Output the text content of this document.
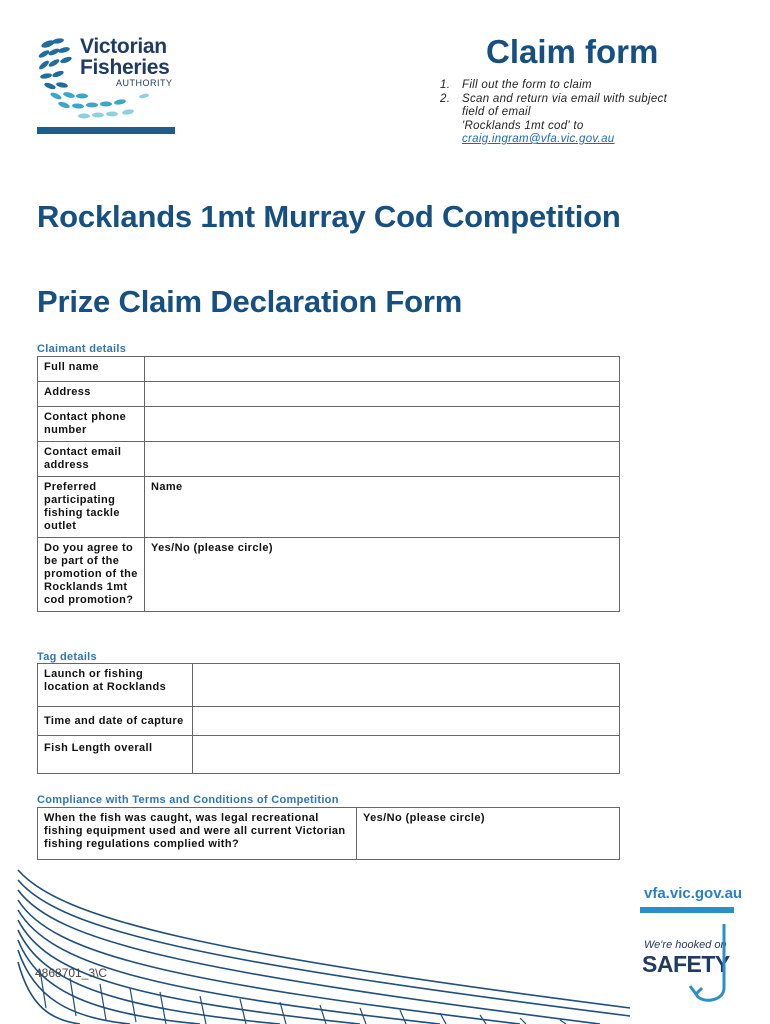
Victorian
Fisheries
AUTHORITY
Claim form
1. Fill out the form to claim
2. Scan and return via email with subject
field of email
'Rocklands 1mt cod' to
craig.ingram@vfa.vic.gov.au
Rocklands 1mt Murray Cod Competition
Prize Claim Declaration Form
Claimant details
Full name	
Address	
Contact phone number	
Contact email address	
Preferred participating fishing tackle outlet	Name
Do you agree to be part of the promotion of the Rocklands 1mt cod promotion?	Yes/No (please circle)
Tag details
Launch or fishing location at Rocklands	
Time and date of capture	
Fish Length overall	
Compliance with Terms and Conditions of Competition
When the fish was caught, was legal recreational fishing equipment used and were all current Victorian fishing regulations complied with?	Yes/No (please circle)
4868701_3\C
vfa.vic.gov.au
We're hooked on
SAFETY
